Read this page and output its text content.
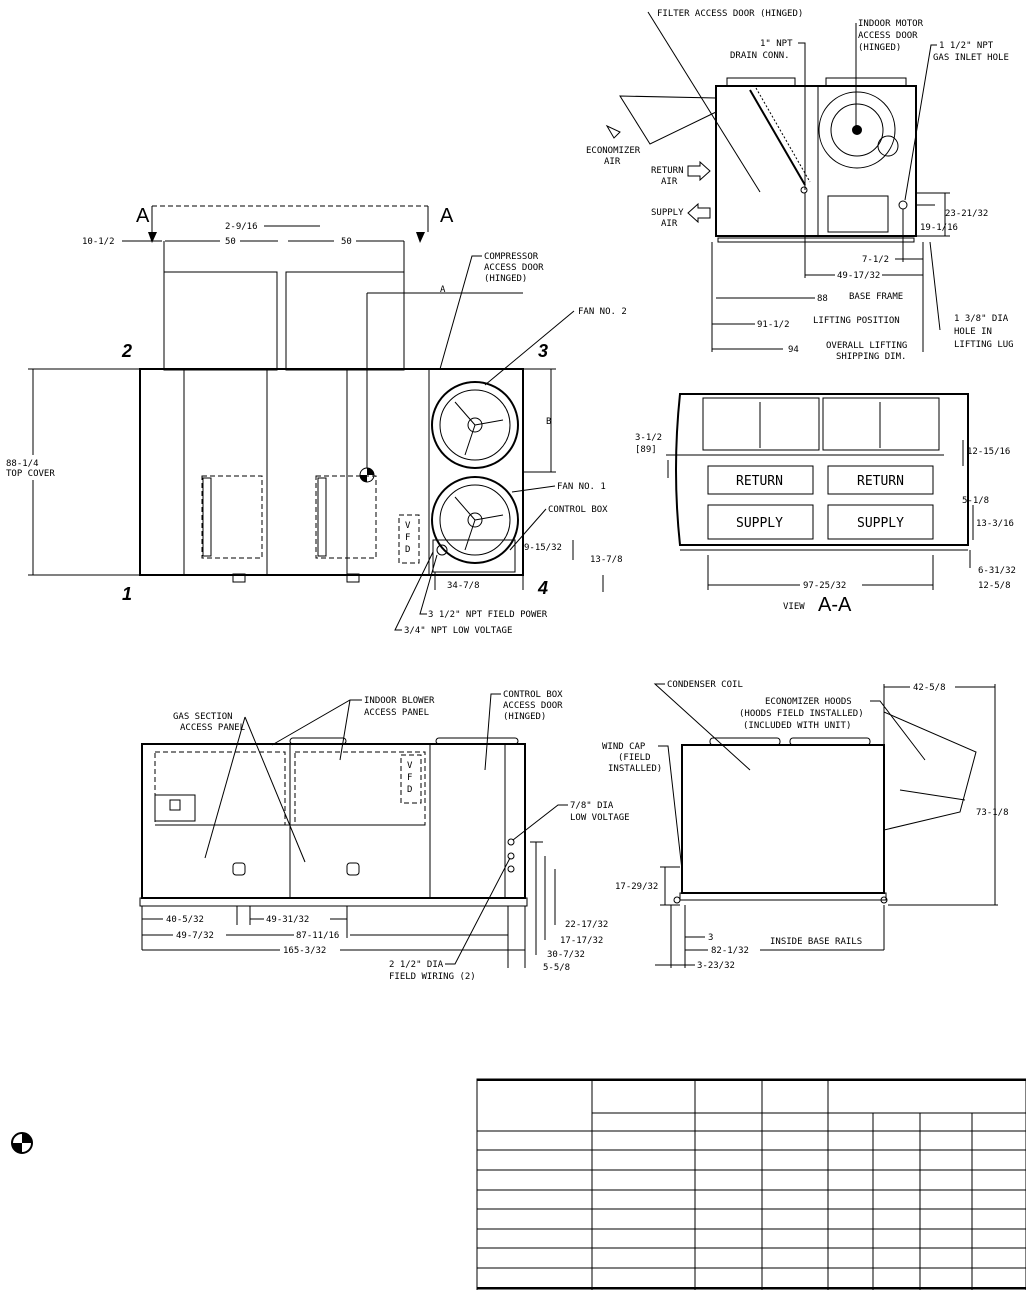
A	A
10-1/2
2-9/16
50	50
A
B
V
F
D
88-1/4
TOP COVER
1
2	3
4
COMPRESSOR
ACCESS DOOR
(HINGED)
FAN NO. 2
FAN NO. 1
CONTROL BOX
9-15/32
13-7/8
34-7/8
3 1/2" NPT FIELD POWER
3/4" NPT LOW VOLTAGE
FILTER ACCESS DOOR (HINGED)
1" NPT
DRAIN CONN.
INDOOR MOTOR
ACCESS DOOR
(HINGED)	1 1/2" NPT
GAS INLET HOLE
ECONOMIZER
AIR
RETURN
AIR
SUPPLY
AIR
23-21/32
19-1/16
7-1/2
49-17/32
88 BASE FRAME
91-1/2	LIFTING POSITION
94	OVERALL LIFTING
SHIPPING DIM.
1 3/8" DIA
HOLE IN
LIFTING LUG
RETURN	RETURN
SUPPLY	SUPPLY
3-1/2
[89]	12-15/16
5-1/8
13-3/16
6-31/32
97-25/32	12-5/8
VIEW A-A
GAS SECTION
ACCESS PANEL
INDOOR BLOWER
ACCESS PANEL
CONTROL BOX
ACCESS DOOR
(HINGED)
V
F
D
7/8" DIA
LOW VOLTAGE
40-5/32	49-31/32
49-7/32	87-11/16
165-3/32
22-17/32
17-17/32
30-7/32
5-5/8
2 1/2" DIA
FIELD WIRING (2)
CONDENSER COIL
ECONOMIZER HOODS
(HOODS FIELD INSTALLED)
(INCLUDED WITH UNIT)
WIND CAP
(FIELD
INSTALLED)
42-5/8
73-1/8
17-29/32
3
82-1/32
INSIDE BASE RAILS
3-23/32
